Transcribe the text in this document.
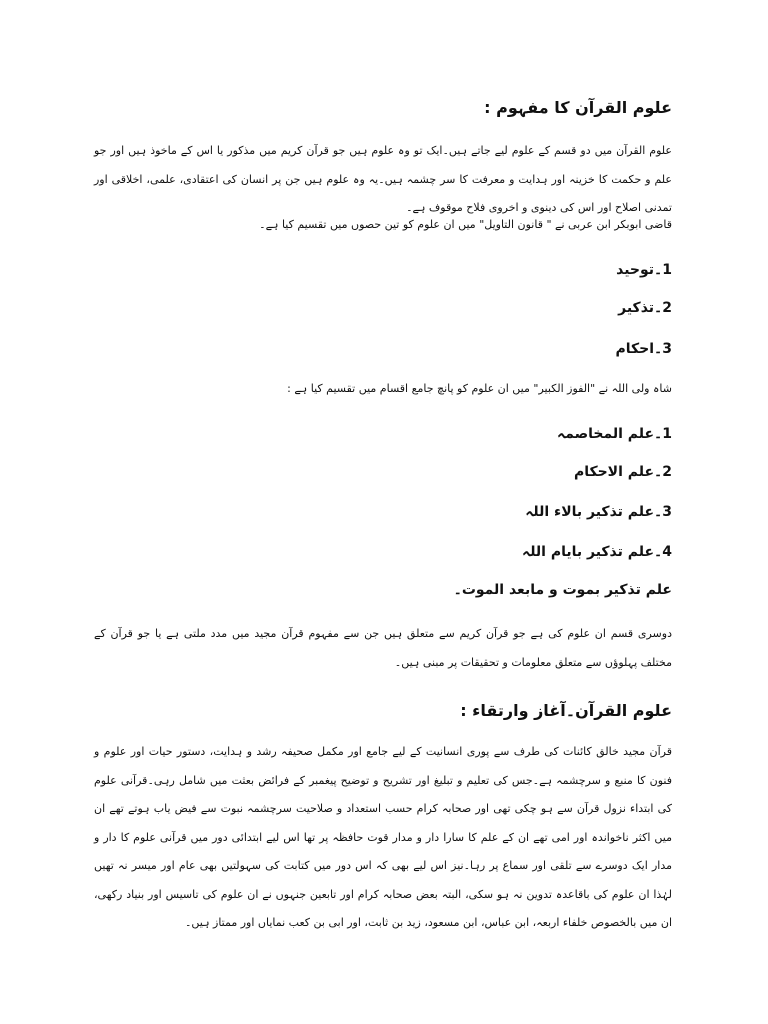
علوم القرآن کا مفہوم :

علوم القرآن میں دو قسم کے علوم لیے جاتے ہیں۔ایک تو وہ علوم ہیں جو قرآن کریم میں مذکور یا اس کے ماخوذ ہیں اور جو علم و حکمت کا خزینہ اور ہدایت و معرفت کا سر چشمہ ہیں۔یہ وہ علوم ہیں جن پر انسان کی اعتقادی، علمی، اخلاقی اور تمدنی اصلاح اور اس کی دینوی و اخروی فلاح موقوف ہے۔

قاضی ابوبکر ابن عربی نے " قانون التاویل" میں ان علوم کو تین حصوں میں تقسیم کیا ہے۔

1۔توحید
2۔تذکیر
3۔احکام

شاہ ولی اللہ نے "الفوز الکبیر" میں ان علوم کو پانچ جامع اقسام میں تقسیم کیا ہے :

1۔علم المخاصمہ
2۔علم الاحکام
3۔علم تذکیر بالاء اللہ
4۔علم تذکیر بایام اللہ
علم تذکیر بموت و مابعد الموت۔

دوسری قسم ان علوم کی ہے جو قرآن کریم سے متعلق ہیں جن سے مفہوم قرآن مجید میں مدد ملتی ہے یا جو قرآن کے مختلف پہلوؤں سے متعلق معلومات و تحقیقات پر مبنی ہیں۔

علوم القرآن۔آغاز وارتقاء :

قرآن مجید خالق کائنات کی طرف سے پوری انسانیت کے لیے جامع اور مکمل صحیفہ رشد و ہدایت، دستور حیات اور علوم و فنون کا منبع و سرچشمہ ہے۔جس کی تعلیم و تبلیغ اور تشریح و توضیح پیغمبر کے فرائض بعثت میں شامل رہی۔قرآنی علوم کی ابتداء نزول قرآن سے ہو چکی تھی اور صحابہ کرام حسب استعداد و صلاحیت سرچشمہ نبوت سے فیض یاب ہوتے تھے ان میں اکثر ناخواندہ اور امی تھے ان کے علم کا سارا دار و مدار قوت حافظہ پر تھا اس لیے ابتدائی دور میں قرآنی علوم کا دار و مدار ایک دوسرے سے تلقی اور سماع پر رہا۔نیز اس لیے بھی کہ اس دور میں کتابت کی سہولتیں بھی عام اور میسر نہ تھیں لہٰذا ان علوم کی باقاعدہ تدوین نہ ہو سکی، البتہ بعض صحابہ کرام اور تابعین جنہوں نے ان علوم کی تاسیس اور بنیاد رکھی، ان میں بالخصوص خلفاء اربعہ، ابن عباس، ابن مسعود، زید بن ثابت، اور ابی بن کعب نمایاں اور ممتاز ہیں۔
